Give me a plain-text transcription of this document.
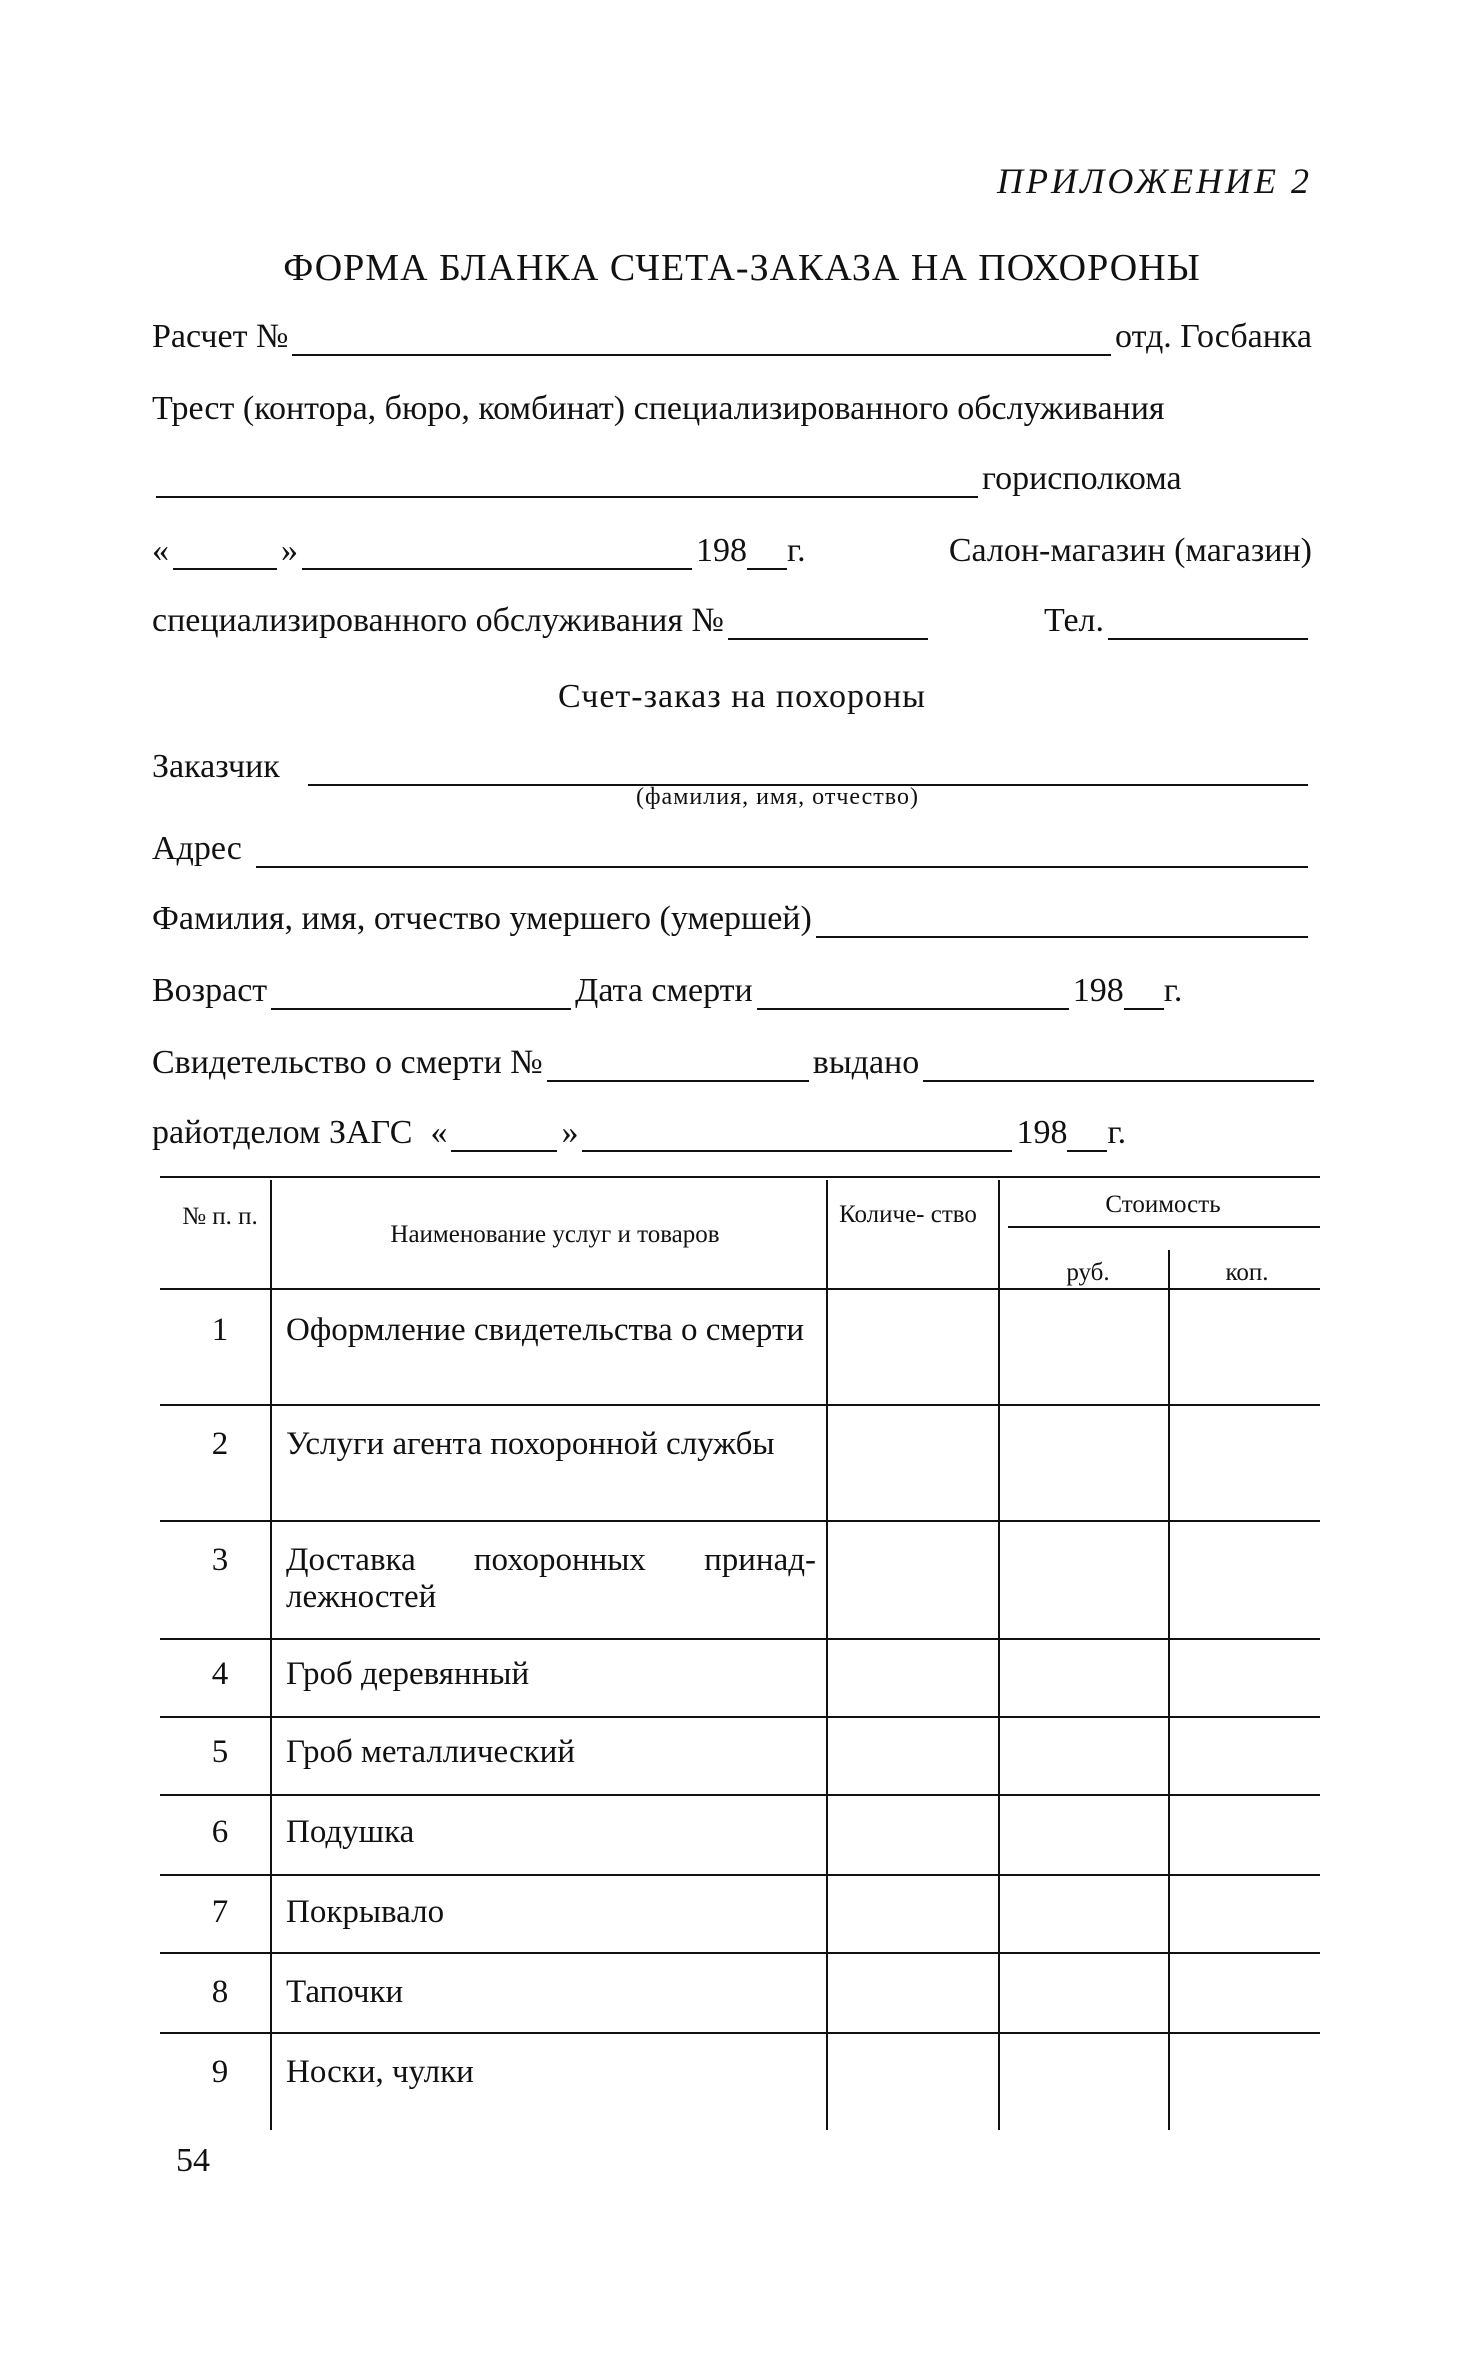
ПРИЛОЖЕНИЕ 2
ФОРМА БЛАНКА СЧЕТА-ЗАКАЗА НА ПОХОРОНЫ
Расчет №	отд. Госбанка
Трест (контора, бюро, комбинат) специализированного обслуживания
горисполкома
«	»	198 г.	Салон-магазин (магазин)
специализированного обслуживания №	Тел.
Счет-заказ на похороны
Заказчик
(фамилия, имя, отчество)
Адрес
Фамилия, имя, отчество умершего (умершей)
Возраст	Дата смерти	198 г.
Свидетельство о смерти №	выдано
райотделом ЗАГС «	»	198 г.
№ п. п.
Наименование услуг и товаров
Количе- ство	Стоимость
руб.	коп.
1	Оформление свидетельства о смерти
2	Услуги агента похоронной службы
3	Доставка похоронных принад- лежностей
4	Гроб деревянный
5	Гроб металлический
6	Подушка
7	Покрывало
8	Тапочки
9	Носки, чулки
54
